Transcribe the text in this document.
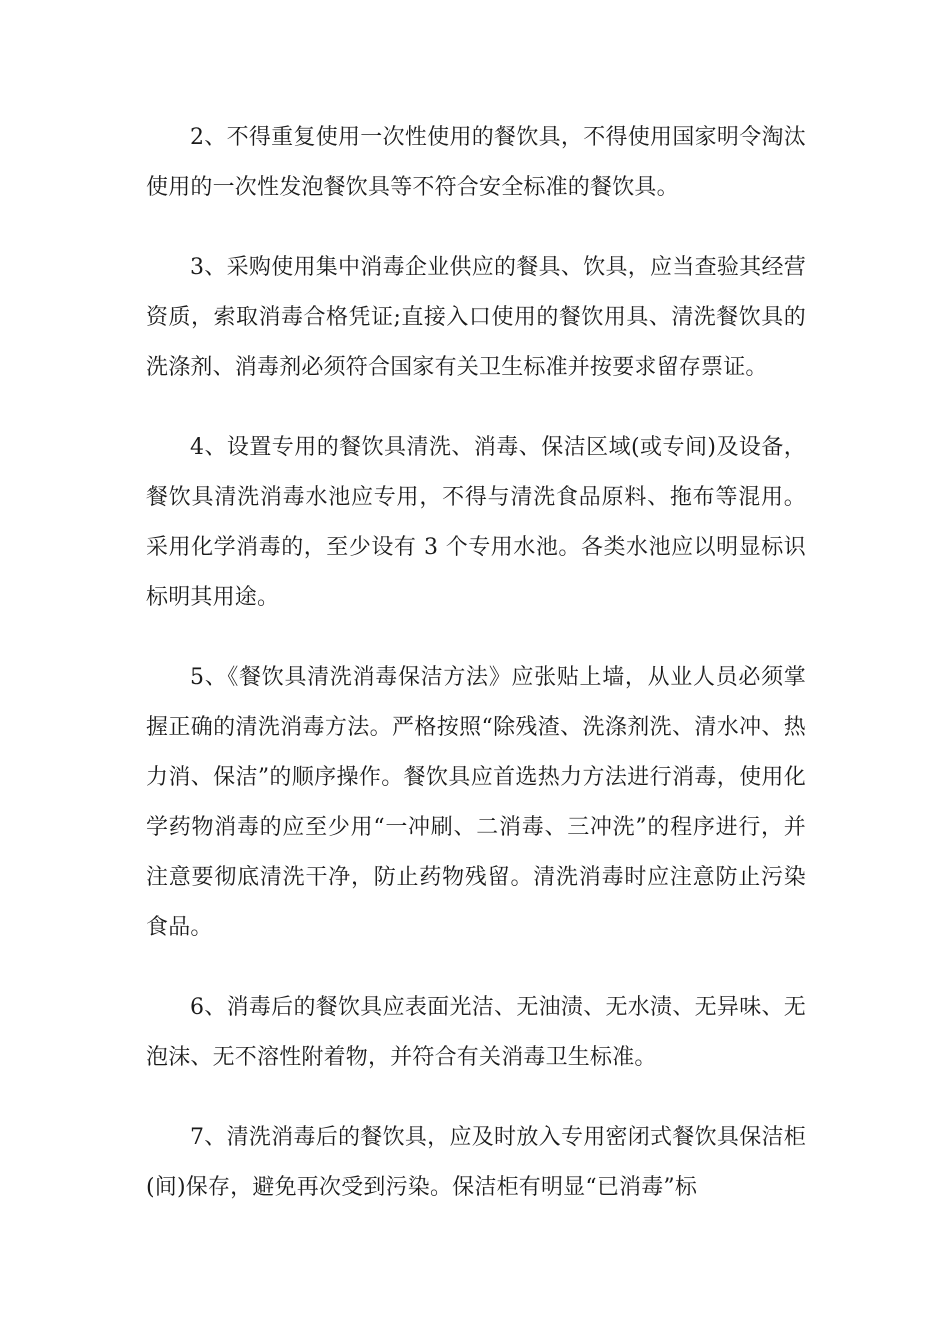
2、不得重复使用一次性使用的餐饮具，不得使用国家明令淘汰使用的一次性发泡餐饮具等不符合安全标准的餐饮具。

3、采购使用集中消毒企业供应的餐具、饮具，应当查验其经营资质，索取消毒合格凭证;直接入口使用的餐饮用具、清洗餐饮具的洗涤剂、消毒剂必须符合国家有关卫生标准并按要求留存票证。

4、设置专用的餐饮具清洗、消毒、保洁区域(或专间)及设备，餐饮具清洗消毒水池应专用，不得与清洗食品原料、拖布等混用。采用化学消毒的，至少设有 3 个专用水池。各类水池应以明显标识标明其用途。

5、《餐饮具清洗消毒保洁方法》应张贴上墙，从业人员必须掌握正确的清洗消毒方法。严格按照“除残渣、洗涤剂洗、清水冲、热力消、保洁”的顺序操作。餐饮具应首选热力方法进行消毒，使用化学药物消毒的应至少用“一冲刷、二消毒、三冲洗”的程序进行，并注意要彻底清洗干净，防止药物残留。清洗消毒时应注意防止污染食品。

6、消毒后的餐饮具应表面光洁、无油渍、无水渍、无异味、无泡沫、无不溶性附着物，并符合有关消毒卫生标准。

7、清洗消毒后的餐饮具，应及时放入专用密闭式餐饮具保洁柜(间)保存，避免再次受到污染。保洁柜有明显“已消毒”标
